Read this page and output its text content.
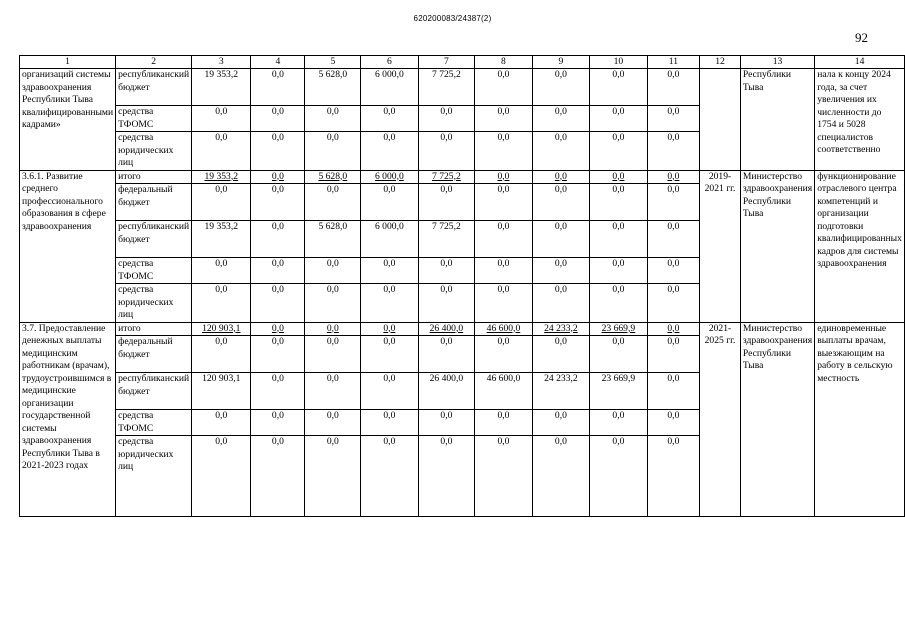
620200083/24387(2)
92
1	2	3	4	5	6	7	8	9	10	11	12	13	14
организаций системы здравоохранения Республики Тыва квалифицированными кадрами»	республиканский бюджет	19 353,2	0,0	5 628,0	6 000,0	7 725,2	0,0	0,0	0,0	0,0		Республики Тыва	нала к концу 2024 года, за счет увеличения их численности до 1754 и 5028 специалистов соответственно
	средства ТФОМС	0,0	0,0	0,0	0,0	0,0	0,0	0,0	0,0	0,0			
	средства юридических лиц	0,0	0,0	0,0	0,0	0,0	0,0	0,0	0,0	0,0			
3.6.1. Развитие среднего профессионального образования в сфере здравоохранения	итого	19 353,2	0,0	5 628,0	6 000,0	7 725,2	0,0	0,0	0,0	0,0	2019-2021 гг.	Министерство здравоохранения Республики Тыва	функционирование отраслевого центра компетенций и организации подготовки квалифицированных кадров для системы здравоохранения
	федеральный бюджет	0,0	0,0	0,0	0,0	0,0	0,0	0,0	0,0	0,0			
	республиканский бюджет	19 353,2	0,0	5 628,0	6 000,0	7 725,2	0,0	0,0	0,0	0,0			
	средства ТФОМС	0,0	0,0	0,0	0,0	0,0	0,0	0,0	0,0	0,0			
	средства юридических лиц	0,0	0,0	0,0	0,0	0,0	0,0	0,0	0,0	0,0			
3.7. Предоставление денежных выплаты медицинским работникам (врачам), трудоустроившимся в медицинские организации государственной системы здравоохранения Республики Тыва в 2021-2023 годах	итого	120 903,1	0,0	0,0	0,0	26 400,0	46 600,0	24 233,2	23 669,9	0,0	2021-2025 гг.	Министерство здравоохранения Республики Тыва	единовременные выплаты врачам, выезжающим на работу в сельскую местность
	федеральный бюджет	0,0	0,0	0,0	0,0	0,0	0,0	0,0	0,0	0,0			
	республиканский бюджет	120 903,1	0,0	0,0	0,0	26 400,0	46 600,0	24 233,2	23 669,9	0,0			
	средства ТФОМС	0,0	0,0	0,0	0,0	0,0	0,0	0,0	0,0	0,0			
	средства юридических лиц	0,0	0,0	0,0	0,0	0,0	0,0	0,0	0,0	0,0			
